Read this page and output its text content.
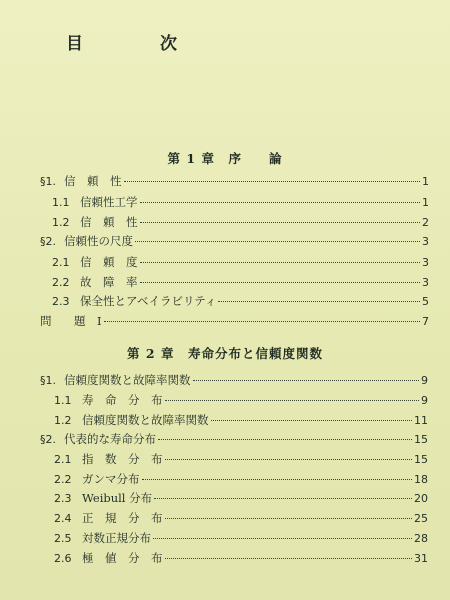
目　次
第 1 章　序　　論
§1. 信　頼　性	1
1.1 信頼性工学	1
1.2 信　頼　性	2
§2. 信頼性の尺度	3
2.1 信　頼　度	3
2.2 故　障　率	3
2.3 保全性とアベイラビリティ	5
問	題　I	7
第 2 章　寿命分布と信頼度関数
§1. 信頼度関数と故障率関数	9
1.1 寿　命　分　布	9
1.2 信頼度関数と故障率関数	11
§2. 代表的な寿命分布	15
2.1 指　数　分　布	15
2.2 ガンマ分布	18
2.3 Weibull 分布	20
2.4 正　規　分　布	25
2.5 対数正規分布	28
2.6 極　値　分　布	31
